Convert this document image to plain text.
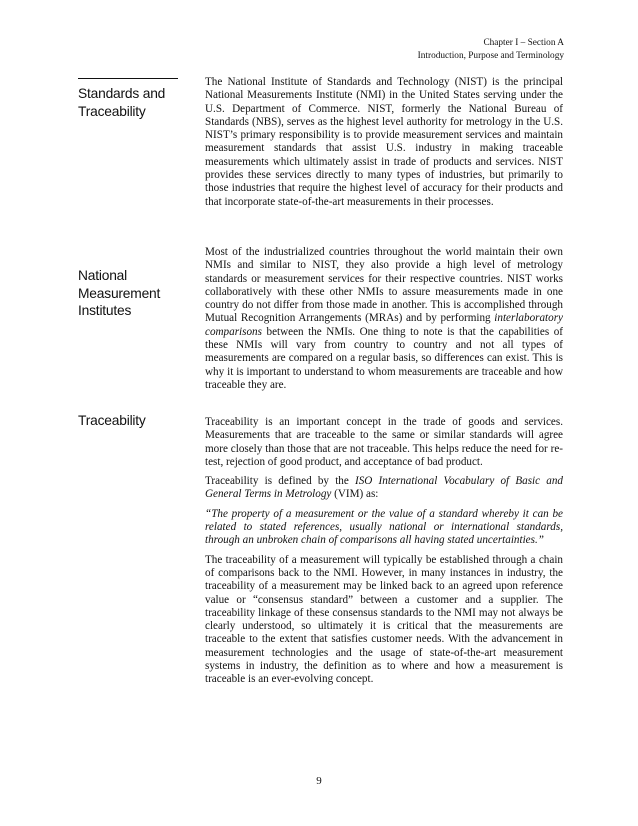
Chapter I – Section A
Introduction, Purpose and Terminology
Standards and
Traceability

The National Institute of Standards and Technology (NIST) is the principal National Measurements Institute (NMI) in the United States serving under the U.S. Department of Commerce. NIST, formerly the National Bureau of Standards (NBS), serves as the highest level authority for metrology in the U.S. NIST’s primary responsibility is to provide measurement services and maintain measurement standards that assist U.S. industry in making traceable measurements which ultimately assist in trade of products and services. NIST provides these services directly to many types of industries, but primarily to those industries that require the highest level of accuracy for their products and that incorporate state-of-the-art measurements in their processes.

National
Measurement
Institutes

Most of the industrialized countries throughout the world maintain their own NMIs and similar to NIST, they also provide a high level of metrology standards or measurement services for their respective countries. NIST works collaboratively with these other NMIs to assure measurements made in one country do not differ from those made in another. This is accomplished through Mutual Recognition Arrangements (MRAs) and by performing interlaboratory comparisons between the NMIs. One thing to note is that the capabilities of these NMIs will vary from country to country and not all types of measurements are compared on a regular basis, so differences can exist. This is why it is important to understand to whom measurements are traceable and how traceable they are.

Traceability	Traceability is an important concept in the trade of goods and services. Measurements that are traceable to the same or similar standards will agree more closely than those that are not traceable. This helps reduce the need for re-test, rejection of good product, and acceptance of bad product.

Traceability is defined by the ISO International Vocabulary of Basic and General Terms in Metrology (VIM) as:

“The property of a measurement or the value of a standard whereby it can be related to stated references, usually national or international standards, through an unbroken chain of comparisons all having stated uncertainties.”

The traceability of a measurement will typically be established through a chain of comparisons back to the NMI. However, in many instances in industry, the traceability of a measurement may be linked back to an agreed upon reference value or “consensus standard” between a customer and a supplier. The traceability linkage of these consensus standards to the NMI may not always be clearly understood, so ultimately it is critical that the measurements are traceable to the extent that satisfies customer needs. With the advancement in measurement technologies and the usage of state-of-the-art measurement systems in industry, the definition as to where and how a measurement is traceable is an ever-evolving concept.

9
